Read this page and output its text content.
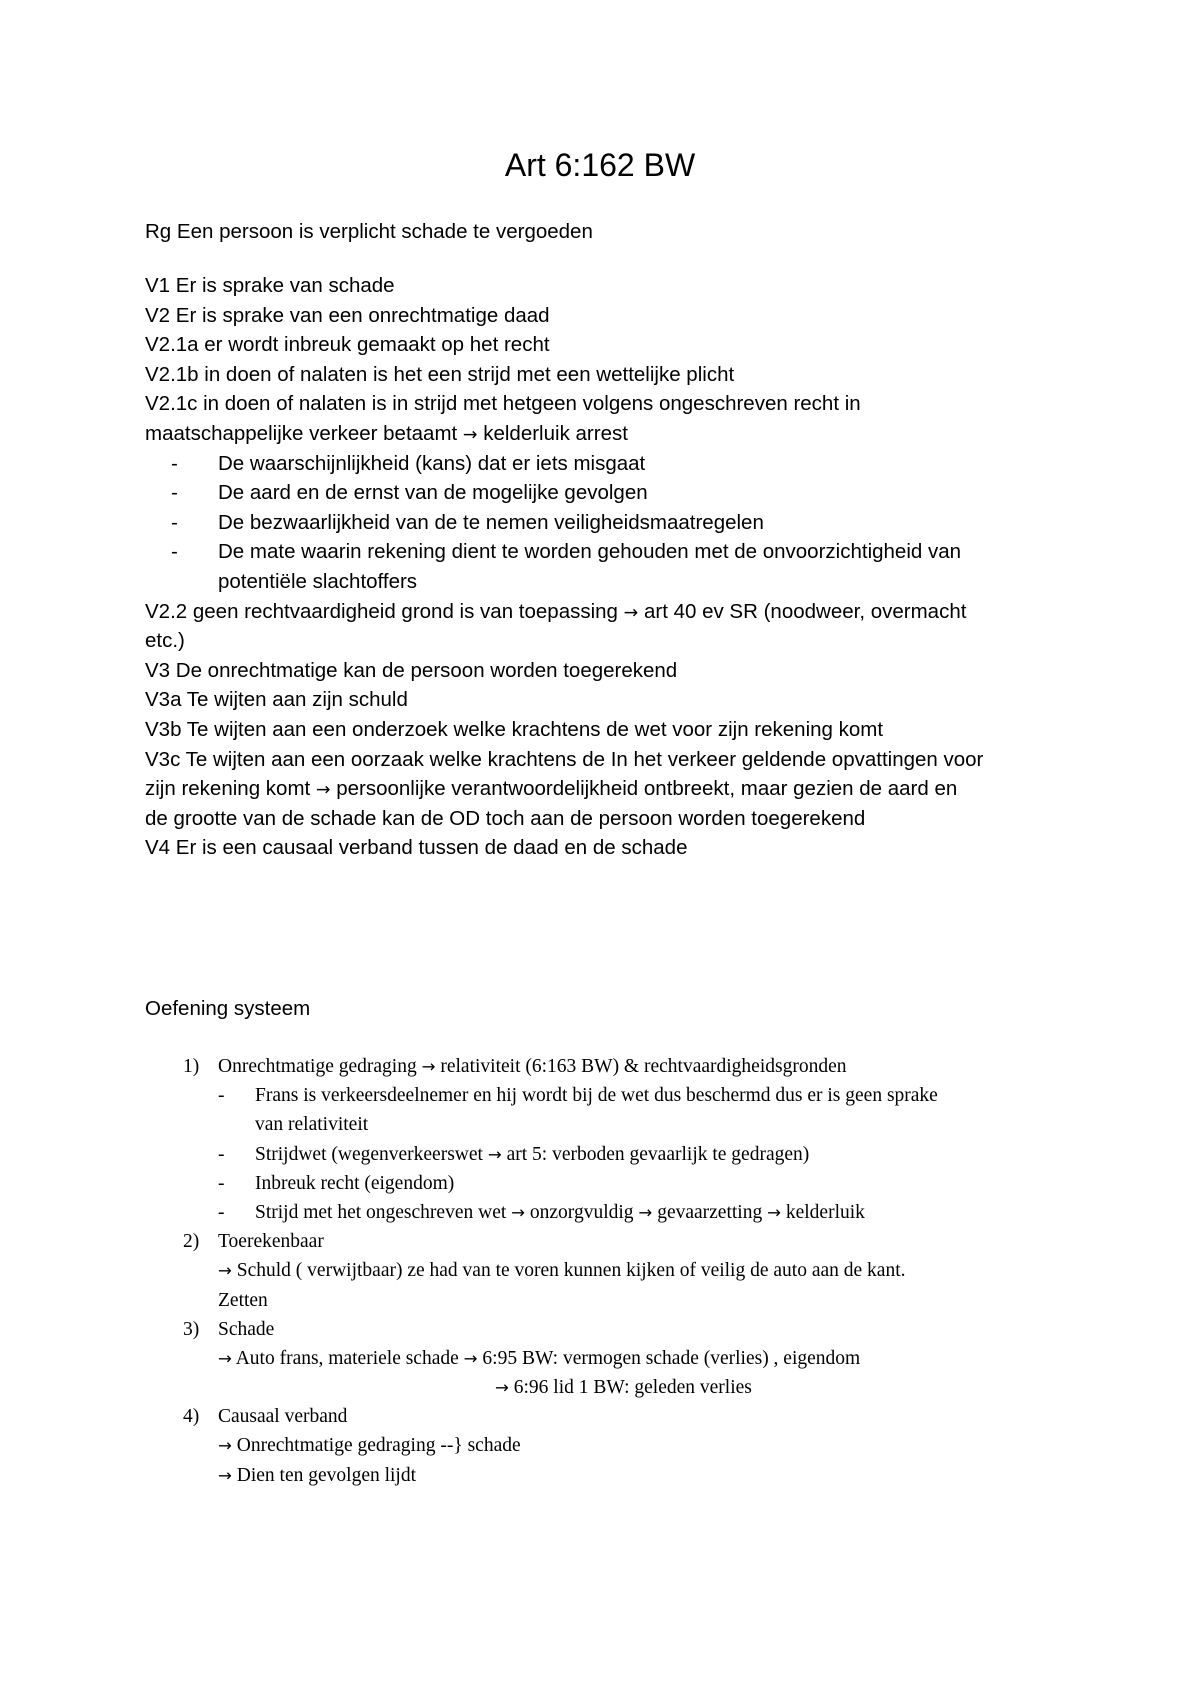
Art 6:162 BW
Rg Een persoon is verplicht schade te vergoeden
V1 Er is sprake van schade
V2 Er is sprake van een onrechtmatige daad
V2.1a er wordt inbreuk gemaakt op het recht
V2.1b in doen of nalaten is het een strijd met een wettelijke plicht
V2.1c in doen of nalaten is in strijd met hetgeen volgens ongeschreven recht in
maatschappelijke verkeer betaamt → kelderluik arrest
-	De waarschijnlijkheid (kans) dat er iets misgaat
-	De aard en de ernst van de mogelijke gevolgen
-	De bezwaarlijkheid van de te nemen veiligheidsmaatregelen
-	De mate waarin rekening dient te worden gehouden met de onvoorzichtigheid van
potentiële slachtoffers
V2.2 geen rechtvaardigheid grond is van toepassing → art 40 ev SR (noodweer, overmacht
etc.)
V3 De onrechtmatige kan de persoon worden toegerekend
V3a Te wijten aan zijn schuld
V3b Te wijten aan een onderzoek welke krachtens de wet voor zijn rekening komt
V3c Te wijten aan een oorzaak welke krachtens de In het verkeer geldende opvattingen voor
zijn rekening komt → persoonlijke verantwoordelijkheid ontbreekt, maar gezien de aard en
de grootte van de schade kan de OD toch aan de persoon worden toegerekend
V4 Er is een causaal verband tussen de daad en de schade
Oefening systeem
1) Onrechtmatige gedraging → relativiteit (6:163 BW) & rechtvaardigheidsgronden
-	Frans is verkeersdeelnemer en hij wordt bij de wet dus beschermd dus er is geen sprake
van relativiteit
-	Strijdwet (wegenverkeerswet → art 5: verboden gevaarlijk te gedragen)
-	Inbreuk recht (eigendom)
-	Strijd met het ongeschreven wet → onzorgvuldig → gevaarzetting → kelderluik
2) Toerekenbaar
→ Schuld ( verwijtbaar) ze had van te voren kunnen kijken of veilig de auto aan de kant.
Zetten
3) Schade
→ Auto frans, materiele schade → 6:95 BW: vermogen schade (verlies) , eigendom
→ 6:96 lid 1 BW: geleden verlies
4) Causaal verband
→ Onrechtmatige gedraging --} schade
→ Dien ten gevolgen lijdt
